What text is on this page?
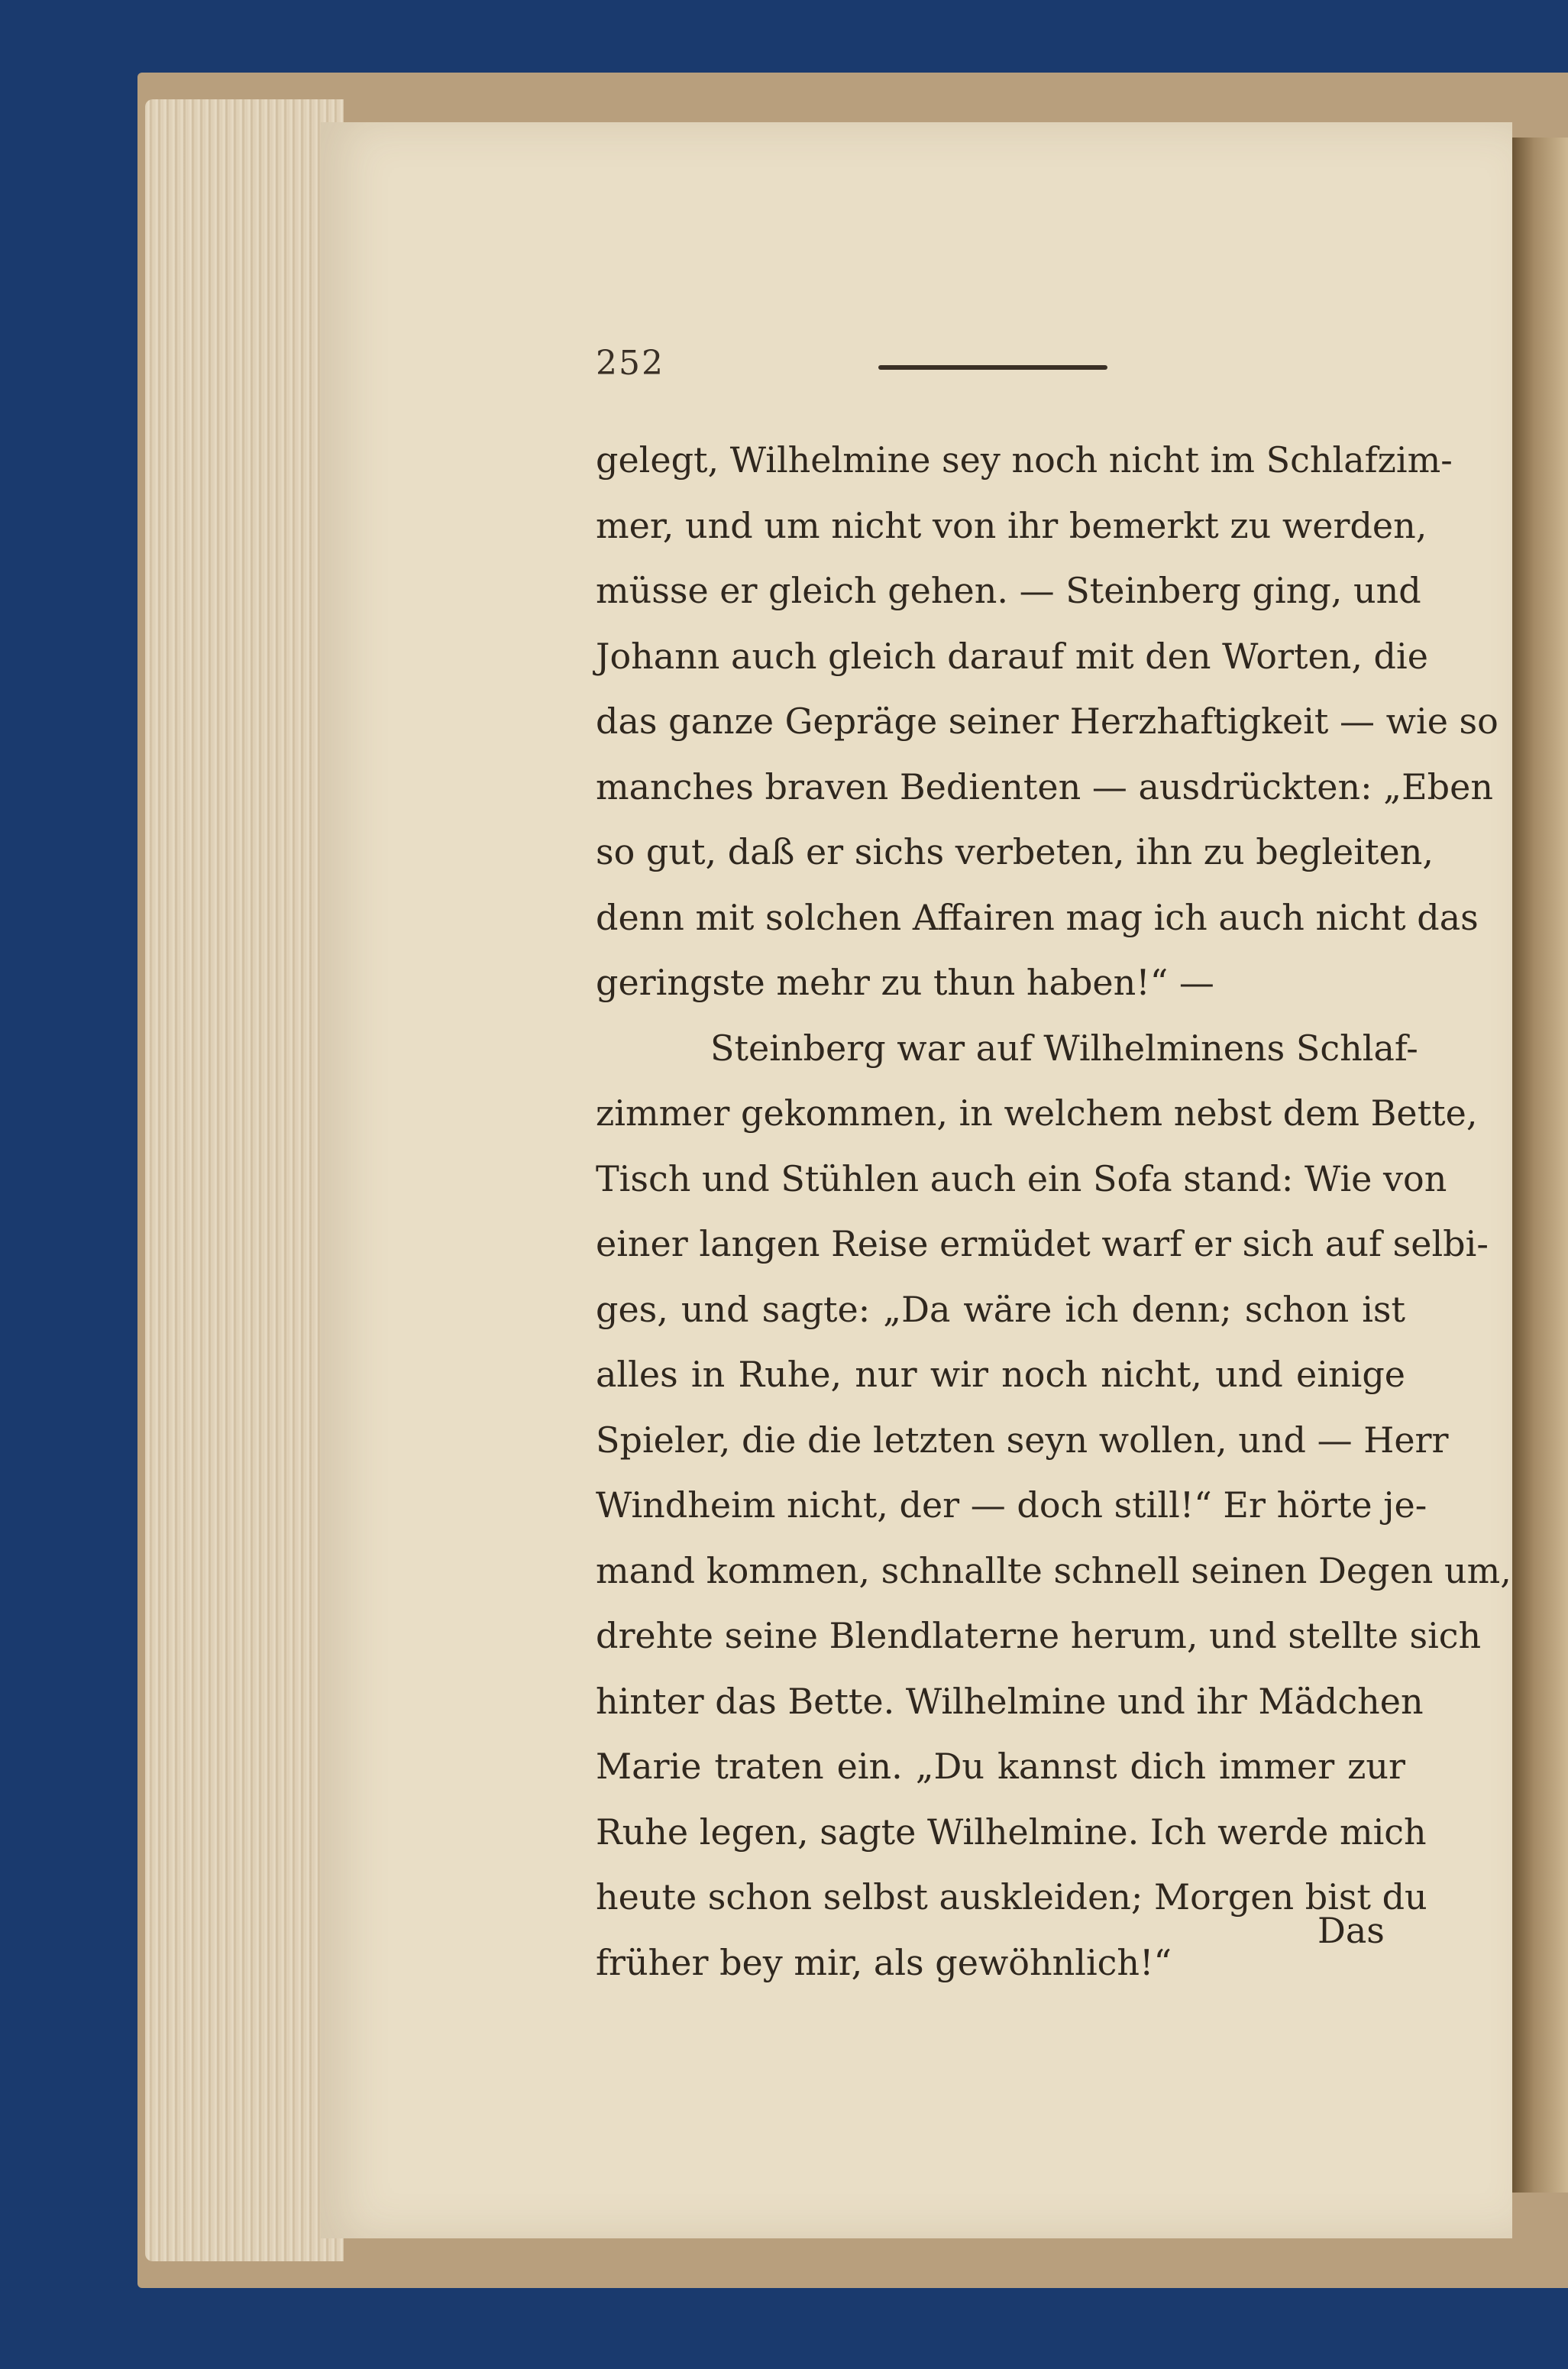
252
gelegt, Wilhelmine sey noch nicht im Schlafzim-
mer, und um nicht von ihr bemerkt zu werden,
müsse er gleich gehen. — Steinberg ging, und
Johann auch gleich darauf mit den Worten, die
das ganze Gepräge seiner Herzhaftigkeit — wie so
manches braven Bedienten — ausdrückten: „Eben
so gut, daß er sichs verbeten, ihn zu begleiten,
denn mit solchen Affairen mag ich auch nicht das
geringste mehr zu thun haben!“ —
Steinberg war auf Wilhelminens Schlaf-
zimmer gekommen, in welchem nebst dem Bette,
Tisch und Stühlen auch ein Sofa stand: Wie von
einer langen Reise ermüdet warf er sich auf selbi-
ges, und sagte: „Da wäre ich denn; schon ist
alles in Ruhe, nur wir noch nicht, und einige
Spieler, die die letzten seyn wollen, und — Herr
Windheim nicht, der — doch still!“ Er hörte je-
mand kommen, schnallte schnell seinen Degen um,
drehte seine Blendlaterne herum, und stellte sich
hinter das Bette. Wilhelmine und ihr Mädchen
Marie traten ein. „Du kannst dich immer zur
Ruhe legen, sagte Wilhelmine. Ich werde mich
heute schon selbst auskleiden; Morgen bist du
früher bey mir, als gewöhnlich!“
Das
